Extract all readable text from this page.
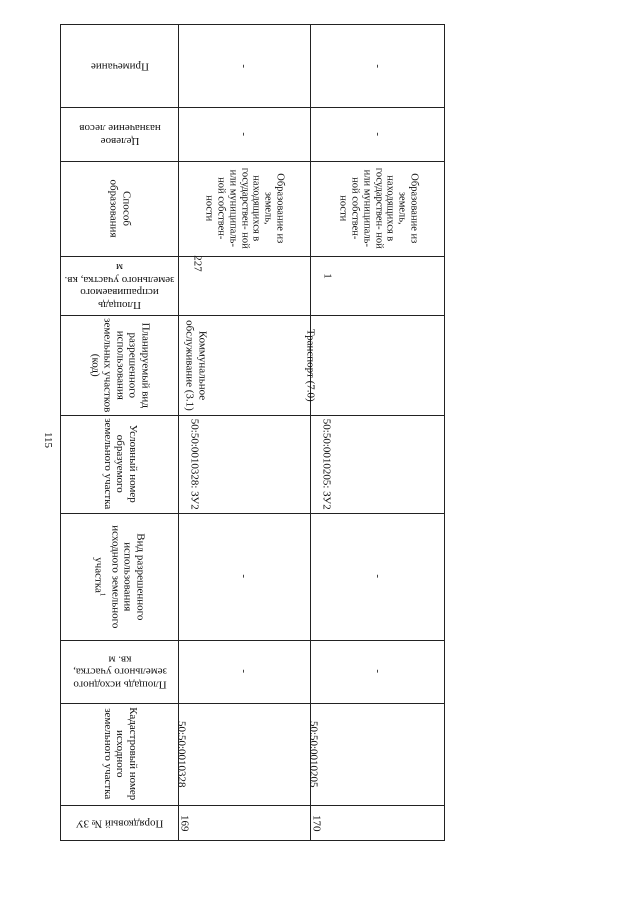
115
Примечание
Целевое назначение лесов
Способ образования
Площадь испрашиваемого земельного участка, кв. м
Планируемый вид разрешенного использования земельных участков (код)
Условный номер образуемого земельного участка
Вид разрешенного использования исходного земельного участка$^1$
Площадь исходного земельного участка, кв. м
Кадастровый номер исходного земельного участка
Порядковый № ЗУ
-
-
Образование из земель, находящихся в государствен- ной или муниципаль- ной собствен- ности
227
Коммунальное обслуживание (3.1)
50:50:0010328: ЗУ2
-
-
50:50:0010328
169
-
-
Образование из земель, находящихся в государствен- ной или муниципаль- ной собствен- ности
1
Транспорт (7.0)
50:50:0010205: ЗУ2
-
-
50:50:0010205
170
